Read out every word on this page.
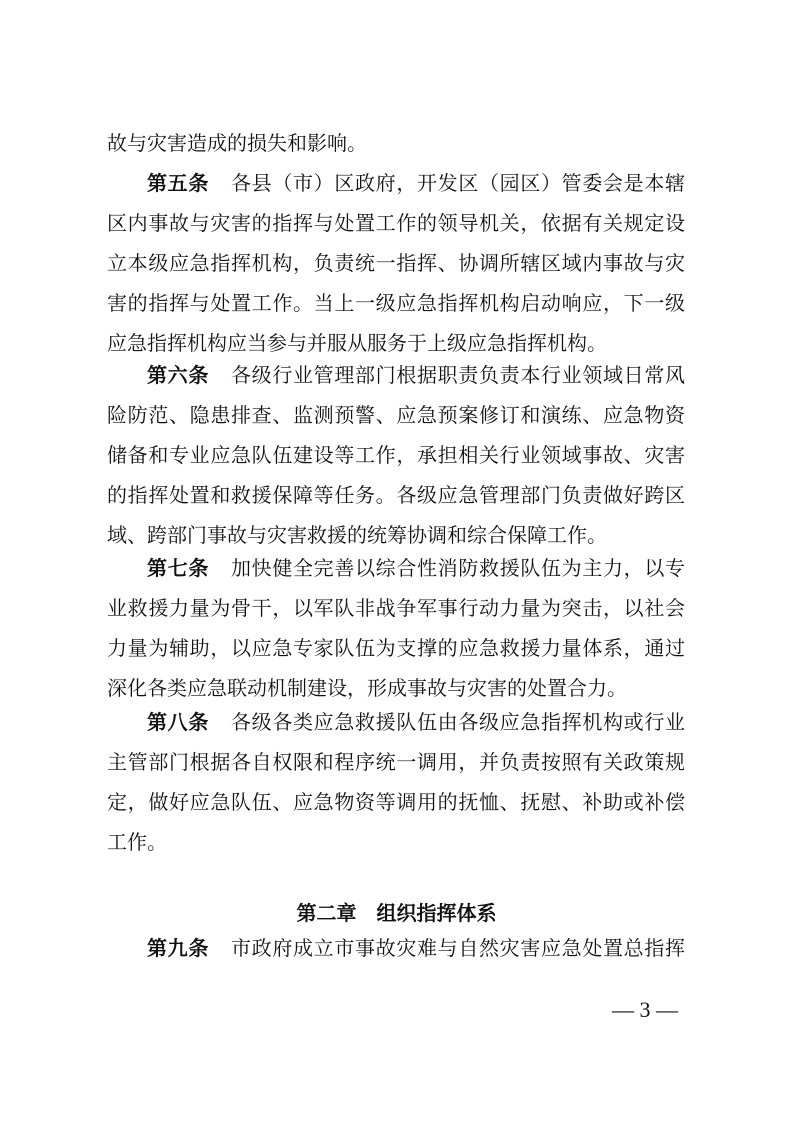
故与灾害造成的损失和影响。
第五条 各县（市）区政府，开发区（园区）管委会是本辖
区内事故与灾害的指挥与处置工作的领导机关，依据有关规定设
立本级应急指挥机构，负责统一指挥、协调所辖区域内事故与灾
害的指挥与处置工作。当上一级应急指挥机构启动响应，下一级
应急指挥机构应当参与并服从服务于上级应急指挥机构。
第六条 各级行业管理部门根据职责负责本行业领域日常风
险防范、隐患排查、监测预警、应急预案修订和演练、应急物资
储备和专业应急队伍建设等工作，承担相关行业领域事故、灾害
的指挥处置和救援保障等任务。各级应急管理部门负责做好跨区
域、跨部门事故与灾害救援的统筹协调和综合保障工作。
第七条 加快健全完善以综合性消防救援队伍为主力，以专
业救援力量为骨干，以军队非战争军事行动力量为突击，以社会
力量为辅助，以应急专家队伍为支撑的应急救援力量体系，通过
深化各类应急联动机制建设，形成事故与灾害的处置合力。
第八条 各级各类应急救援队伍由各级应急指挥机构或行业
主管部门根据各自权限和程序统一调用，并负责按照有关政策规
定，做好应急队伍、应急物资等调用的抚恤、抚慰、补助或补偿
工作。
第二章 组织指挥体系
第九条 市政府成立市事故灾难与自然灾害应急处置总指挥
— 3 —
